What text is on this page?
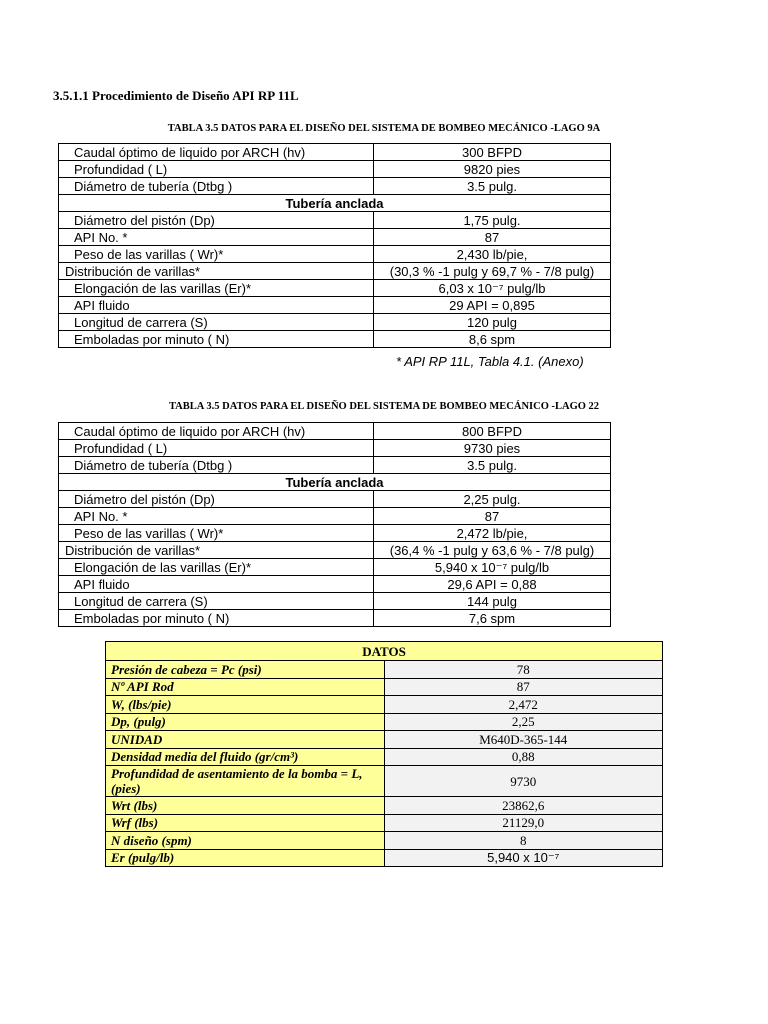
3.5.1.1 Procedimiento de Diseño API RP 11L
TABLA 3.5 DATOS PARA EL DISEÑO DEL SISTEMA DE BOMBEO MECÁNICO -LAGO 9A
Caudal óptimo de liquido por ARCH (hv)	300 BFPD
Profundidad ( L)	9820 pies
Diámetro de tubería (Dtbg )	3.5 pulg.
Tubería anclada	
Diámetro del pistón (Dp)	1,75 pulg.
API No. *	87
Peso de las varillas ( Wr)*	2,430 lb/pie,
Distribución de varillas*	(30,3 % -1 pulg y 69,7 % - 7/8 pulg)
Elongación de las varillas (Er)*	6,03 x 10⁻⁷ pulg/lb
API fluido	29 API = 0,895
Longitud de carrera (S)	120 pulg
Emboladas por minuto ( N)	8,6 spm
* API RP 11L, Tabla 4.1. (Anexo)
TABLA 3.5 DATOS PARA EL DISEÑO DEL SISTEMA DE BOMBEO MECÁNICO -LAGO 22
Caudal óptimo de liquido por ARCH (hv)	800 BFPD
Profundidad ( L)	9730 pies
Diámetro de tubería (Dtbg )	3.5 pulg.
Tubería anclada	
Diámetro del pistón (Dp)	2,25 pulg.
API No. *	87
Peso de las varillas ( Wr)*	2,472 lb/pie,
Distribución de varillas*	(36,4 % -1 pulg y 63,6 % - 7/8 pulg)
Elongación de las varillas (Er)*	5,940 x 10⁻⁷ pulg/lb
API fluido	29,6 API = 0,88
Longitud de carrera (S)	144 pulg
Emboladas por minuto ( N)	7,6 spm
DATOS	
Presión de cabeza = Pc (psi)	78
Nº API Rod	87
W, (lbs/pie)	2,472
Dp, (pulg)	2,25
UNIDAD	M640D-365-144
Densidad media del fluido (gr/cm³)	0,88
Profundidad de asentamiento de la bomba = L, (pies)	9730
Wrt (lbs)	23862,6
Wrf (lbs)	21129,0
N diseño (spm)	8
Er (pulg/lb)	5,940 x 10⁻⁷
